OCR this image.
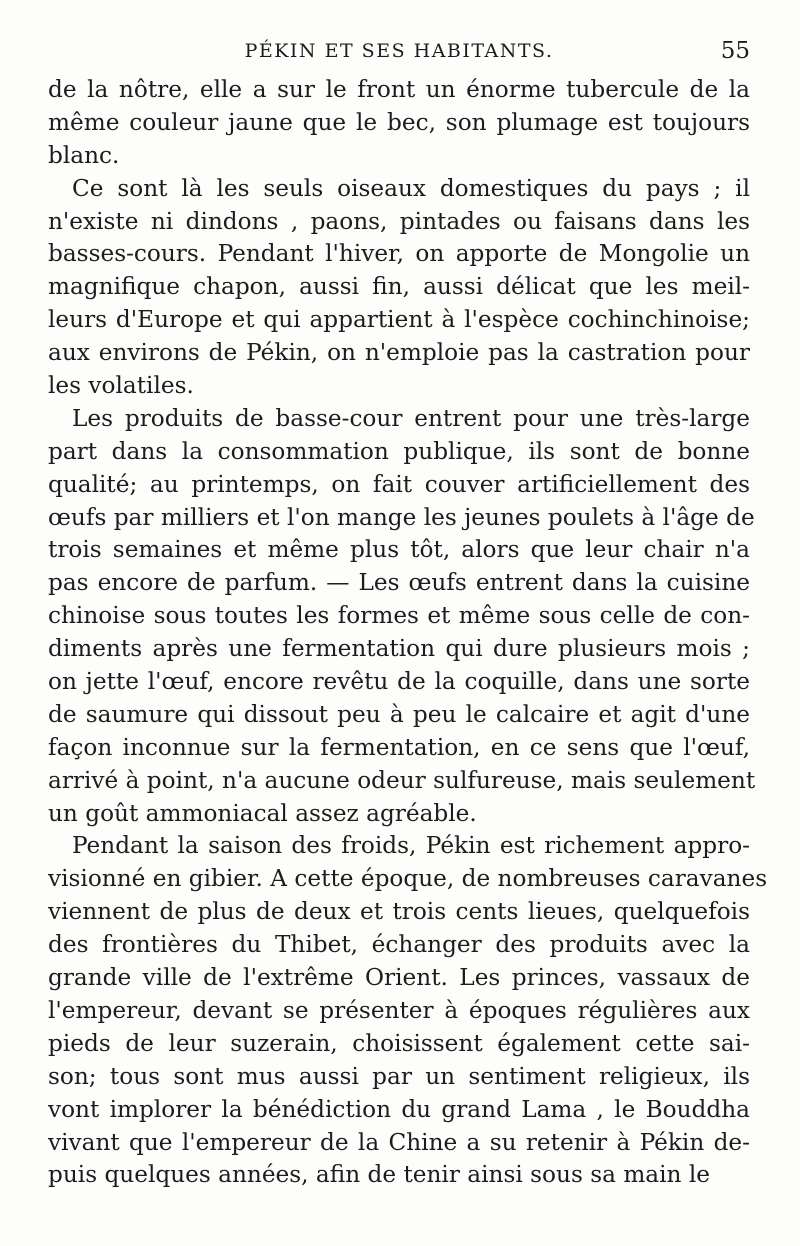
PÉKIN ET SES HABITANTS.	55
de la nôtre, elle a sur le front un énorme tubercule de la
même couleur jaune que le bec, son plumage est toujours
blanc.
Ce sont là les seuls oiseaux domestiques du pays ; il
n'existe ni dindons , paons, pintades ou faisans dans les
basses-cours. Pendant l'hiver, on apporte de Mongolie un
magnifique chapon, aussi fin, aussi délicat que les meil-
leurs d'Europe et qui appartient à l'espèce cochinchinoise;
aux environs de Pékin, on n'emploie pas la castration pour
les volatiles.
Les produits de basse-cour entrent pour une très-large
part dans la consommation publique, ils sont de bonne
qualité; au printemps, on fait couver artificiellement des
œufs par milliers et l'on mange les jeunes poulets à l'âge de
trois semaines et même plus tôt, alors que leur chair n'a
pas encore de parfum. — Les œufs entrent dans la cuisine
chinoise sous toutes les formes et même sous celle de con-
diments après une fermentation qui dure plusieurs mois ;
on jette l'œuf, encore revêtu de la coquille, dans une sorte
de saumure qui dissout peu à peu le calcaire et agit d'une
façon inconnue sur la fermentation, en ce sens que l'œuf,
arrivé à point, n'a aucune odeur sulfureuse, mais seulement
un goût ammoniacal assez agréable.
Pendant la saison des froids, Pékin est richement appro-
visionné en gibier. A cette époque, de nombreuses caravanes
viennent de plus de deux et trois cents lieues, quelquefois
des frontières du Thibet, échanger des produits avec la
grande ville de l'extrême Orient. Les princes, vassaux de
l'empereur, devant se présenter à époques régulières aux
pieds de leur suzerain, choisissent également cette sai-
son; tous sont mus aussi par un sentiment religieux, ils
vont implorer la bénédiction du grand Lama , le Bouddha
vivant que l'empereur de la Chine a su retenir à Pékin de-
puis quelques années, afin de tenir ainsi sous sa main le
